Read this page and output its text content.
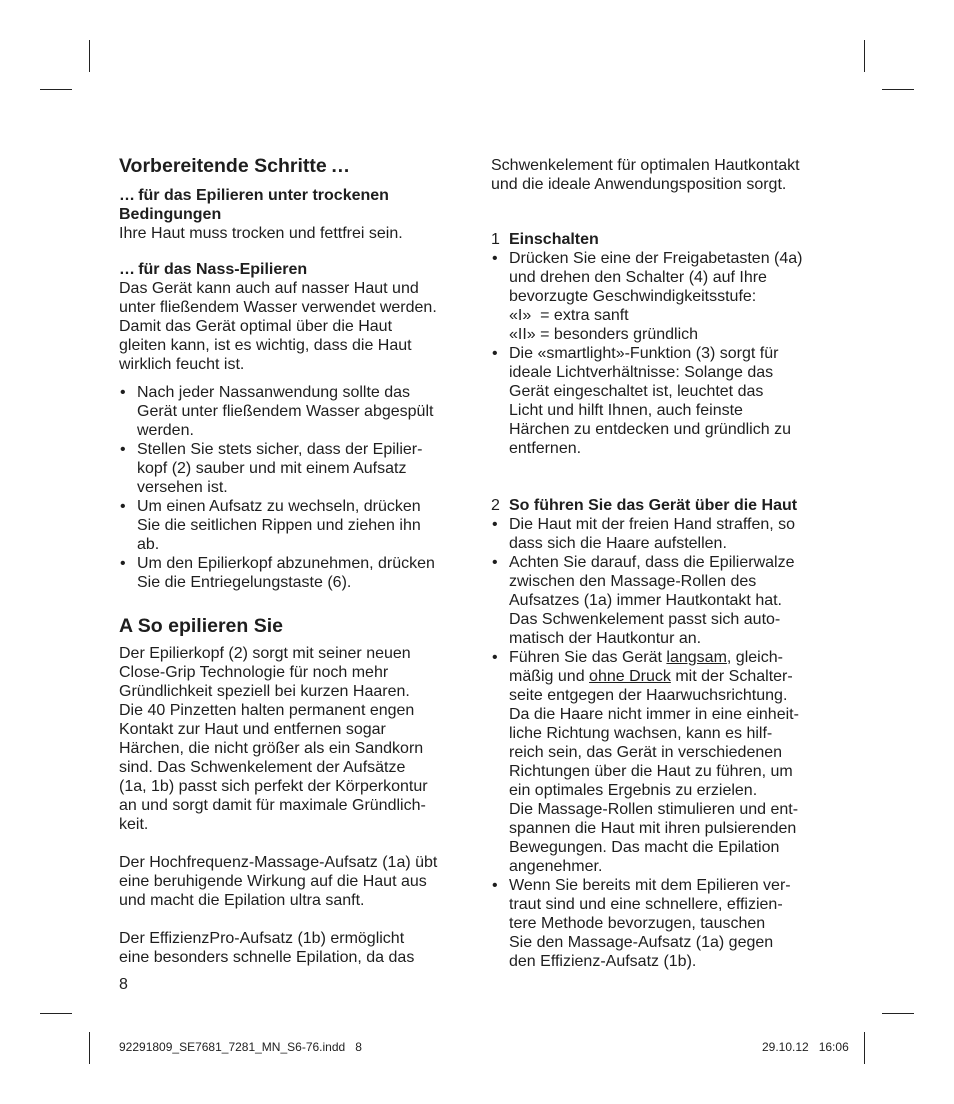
Vorbereitende Schritte …

… für das Epilieren unter trockenen
Bedingungen

Ihre Haut muss trocken und fettfrei sein.

… für das Nass-Epilieren

Das Gerät kann auch auf nasser Haut und
unter fließendem Wasser verwendet werden.
Damit das Gerät optimal über die Haut
gleiten kann, ist es wichtig, dass die Haut
wirklich feucht ist.

• Nach jeder Nassanwendung sollte das
Gerät unter fließendem Wasser abgespült
werden.
• Stellen Sie stets sicher, dass der Epilier-
kopf (2) sauber und mit einem Aufsatz
versehen ist.
• Um einen Aufsatz zu wechseln, drücken
Sie die seitlichen Rippen und ziehen ihn
ab.
• Um den Epilierkopf abzunehmen, drücken
Sie die Entriegelungstaste (6).
A So epilieren Sie

Der Epilierkopf (2) sorgt mit seiner neuen
Close-Grip Technologie für noch mehr
Gründlichkeit speziell bei kurzen Haaren.
Die 40 Pinzetten halten permanent engen
Kontakt zur Haut und entfernen sogar
Härchen, die nicht größer als ein Sandkorn
sind. Das Schwenkelement der Aufsätze
(1a, 1b) passt sich perfekt der Körperkontur
an und sorgt damit für maximale Gründlich-
keit.

Der Hochfrequenz-Massage-Aufsatz (1a) übt
eine beruhigende Wirkung auf die Haut aus
und macht die Epilation ultra sanft.

Der EffizienzPro-Aufsatz (1b) ermöglicht
eine besonders schnelle Epilation, da das

Schwenkelement für optimalen Hautkontakt
und die ideale Anwendungsposition sorgt.

1 Einschalten
• Drücken Sie eine der Freigabetasten (4a)
und drehen den Schalter (4) auf Ihre
bevorzugte Geschwindigkeitsstufe:
«I»  = extra sanft
«II» = besonders gründlich
• Die «smartlight»-Funktion (3) sorgt für
ideale Lichtverhältnisse: Solange das
Gerät eingeschaltet ist, leuchtet das
Licht und hilft Ihnen, auch feinste
Härchen zu entdecken und gründlich zu
entfernen.
2 So führen Sie das Gerät über die Haut
• Die Haut mit der freien Hand straffen, so
dass sich die Haare aufstellen.
• Achten Sie darauf, dass die Epilierwalze
zwischen den Massage-Rollen des
Aufsatzes (1a) immer Hautkontakt hat.
Das Schwenkelement passt sich auto-
matisch der Hautkontur an.
• Führen Sie das Gerät langsam, gleich-
mäßig und ohne Druck mit der Schalter-
seite entgegen der Haarwuchsrichtung.
Da die Haare nicht immer in eine einheit-
liche Richtung wachsen, kann es hilf-
reich sein, das Gerät in verschiedenen
Richtungen über die Haut zu führen, um
ein optimales Ergebnis zu erzielen.
Die Massage-Rollen stimulieren und ent-
spannen die Haut mit ihren pulsierenden
Bewegungen. Das macht die Epilation
angenehmer.
• Wenn Sie bereits mit dem Epilieren ver-
traut sind und eine schnellere, effizien-
tere Methode bevorzugen, tauschen
Sie den Massage-Aufsatz (1a) gegen
den Effizienz-Aufsatz (1b).
8
92291809_SE7681_7281_MN_S6-76.indd   8	29.10.12   16:06
